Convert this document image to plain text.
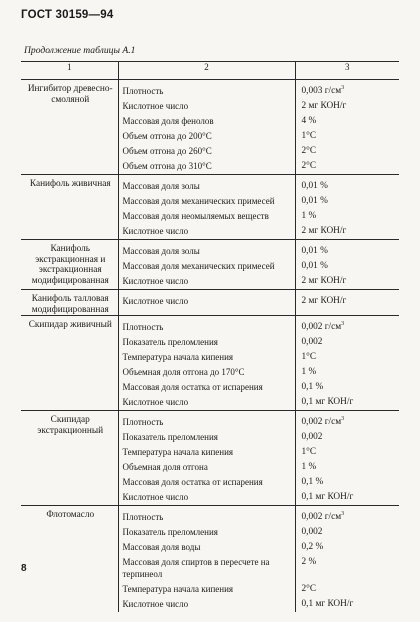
ГОСТ 30159—94
Продолжение таблицы А.1
1	2	3
Ингибитор древесно-смоляной	Плотность	0,003 $г/см^3$
	Кислотное число	2 мг КОН/г
	Массовая доля фенолов	4 %
	Объем отгона до 200°С	1°С
	Объем отгона до 260°С	2°С
	Объем отгона до 310°С	2°С
Канифоль живичная	Массовая доля золы	0,01 %
	Массовая доля механических примесей	0,01 %
	Массовая доля неомыляемых веществ	1 %
	Кислотное число	2 мг КОН/г
Канифоль экстракционная и экстракционная модифицированная	Массовая доля золы	0,01 %
	Массовая доля механических примесей	0,01 %
	Кислотное число	2 мг КОН/г
Канифоль талловая модифицированная	Кислотное число	2 мг КОН/г
Скипидар живичный	Плотность	0,002 $г/см^3$
	Показатель преломления	0,002
	Температура начала кипения	1°С
	Объемная доля отгона до 170°С	1 %
	Массовая доля остатка от испарения	0,1 %
	Кислотное число	0,1 мг КОН/г
Скипидар экстракционный	Плотность	0,002 $г/см^3$
	Показатель преломления	0,002
	Температура начала кипения	1°С
	Объемная доля отгона	1 %
	Массовая доля остатка от испарения	0,1 %
	Кислотное число	0,1 мг КОН/г
Флотомасло	Плотность	0,002 $г/см^3$
	Показатель преломления	0,002
	Массовая доля воды	0,2 %
	Массовая доля спиртов в пересчете на терпинеол	2 %
	Температура начала кипения	2°С
	Кислотное число	0,1 мг КОН/г
8
